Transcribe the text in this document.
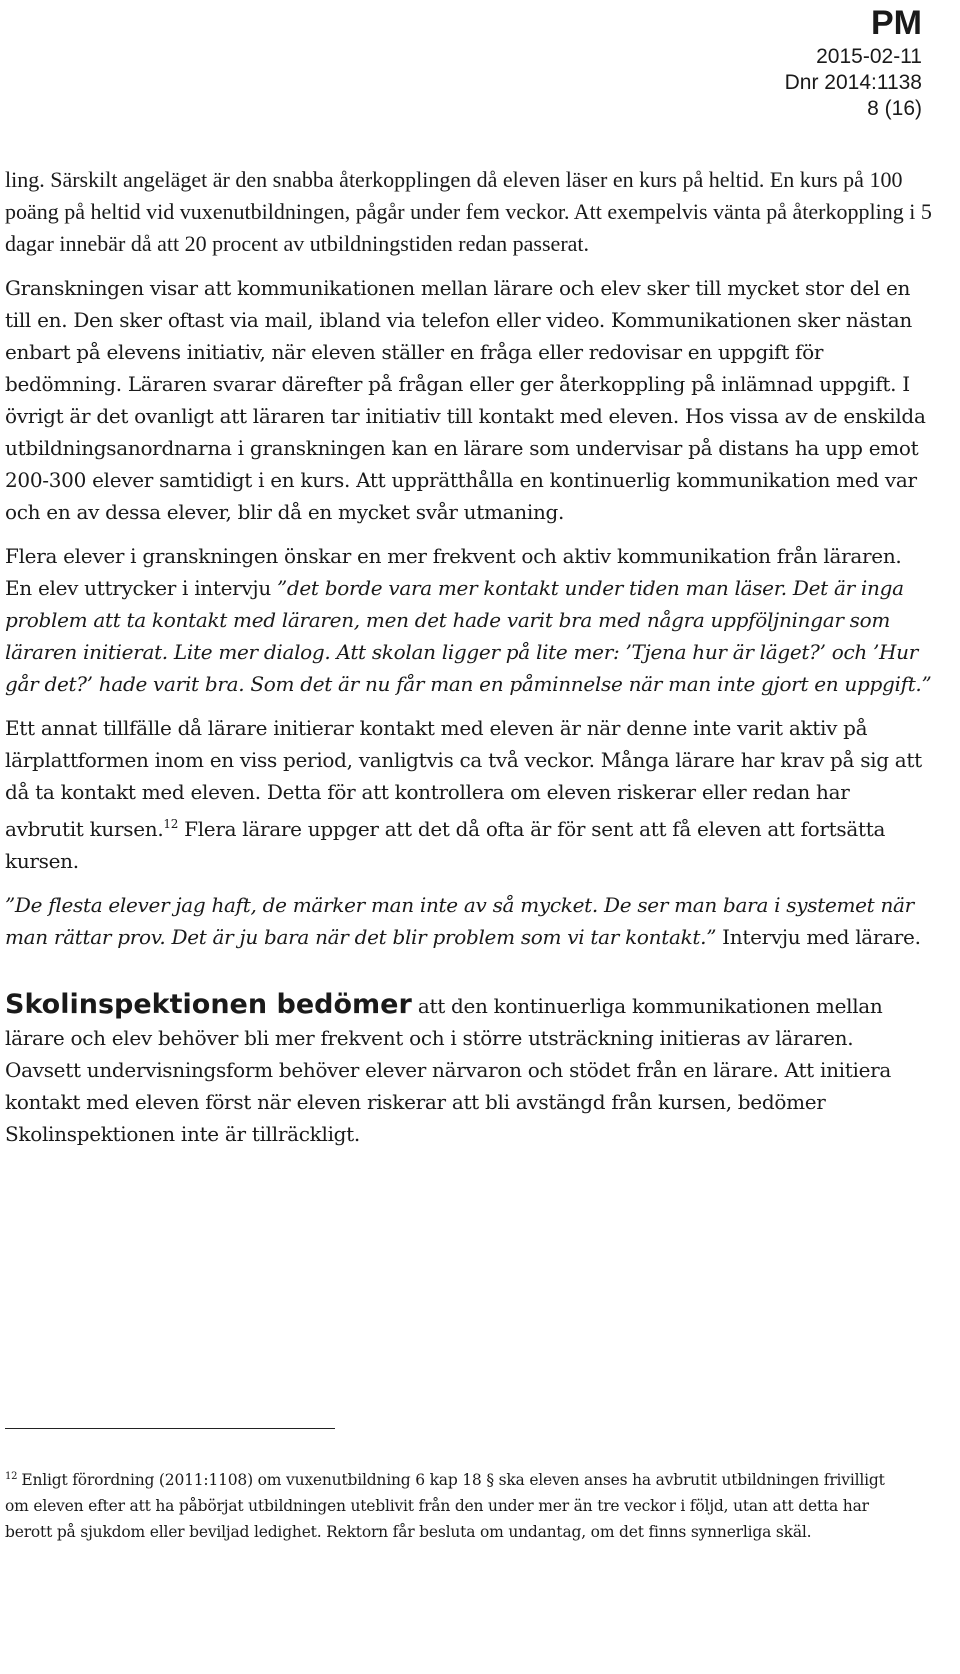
PM
2015-02-11
Dnr 2014:1138
8 (16)

ling. Särskilt angeläget är den snabba återkopplingen då eleven läser en kurs på heltid. En kurs på 100 poäng på heltid vid vuxenutbildningen, pågår under fem veckor. Att exempelvis vänta på återkoppling i 5 dagar innebär då att 20 procent av utbildningstiden redan passerat.

Granskningen visar att kommunikationen mellan lärare och elev sker till mycket stor del en till en. Den sker oftast via mail, ibland via telefon eller video. Kommunikationen sker nästan enbart på elevens initiativ, när eleven ställer en fråga eller redovisar en uppgift för bedömning. Läraren svarar därefter på frågan eller ger återkoppling på inlämnad uppgift. I övrigt är det ovanligt att läraren tar initiativ till kontakt med eleven. Hos vissa av de enskilda utbildningsanordnarna i granskningen kan en lärare som undervisar på distans ha upp emot 200-300 elever samtidigt i en kurs. Att upprätthålla en kontinuerlig kommunikation med var och en av dessa elever, blir då en mycket svår utmaning.

Flera elever i granskningen önskar en mer frekvent och aktiv kommunikation från läraren. En elev uttrycker i intervju ”det borde vara mer kontakt under tiden man läser. Det är inga problem att ta kontakt med läraren, men det hade varit bra med några uppföljningar som läraren initierat. Lite mer dialog. Att skolan ligger på lite mer: ’Tjena hur är läget?’ och ’Hur går det?’ hade varit bra. Som det är nu får man en påminnelse när man inte gjort en uppgift.”

Ett annat tillfälle då lärare initierar kontakt med eleven är när denne inte varit aktiv på lärplattformen inom en viss period, vanligtvis ca två veckor. Många lärare har krav på sig att då ta kontakt med eleven. Detta för att kontrollera om eleven riskerar eller redan har avbrutit kursen.$^{12}$ Flera lärare uppger att det då ofta är för sent att få eleven att fortsätta kursen.

”De flesta elever jag haft, de märker man inte av så mycket. De ser man bara i systemet när man rättar prov. Det är ju bara när det blir problem som vi tar kontakt.” Intervju med lärare.

Skolinspektionen bedömer att den kontinuerliga kommunikationen mellan lärare och elev behöver bli mer frekvent och i större utsträckning initieras av läraren. Oavsett undervisningsform behöver elever närvaron och stödet från en lärare. Att initiera kontakt med eleven först när eleven riskerar att bli avstängd från kursen, bedömer Skolinspektionen inte är tillräckligt.

$^{12}$ Enligt förordning (2011:1108) om vuxenutbildning 6 kap 18 § ska eleven anses ha avbrutit utbildningen frivilligt om eleven efter att ha påbörjat utbildningen uteblivit från den under mer än tre veckor i följd, utan att detta har berott på sjukdom eller beviljad ledighet. Rektorn får besluta om undantag, om det finns synnerliga skäl.
